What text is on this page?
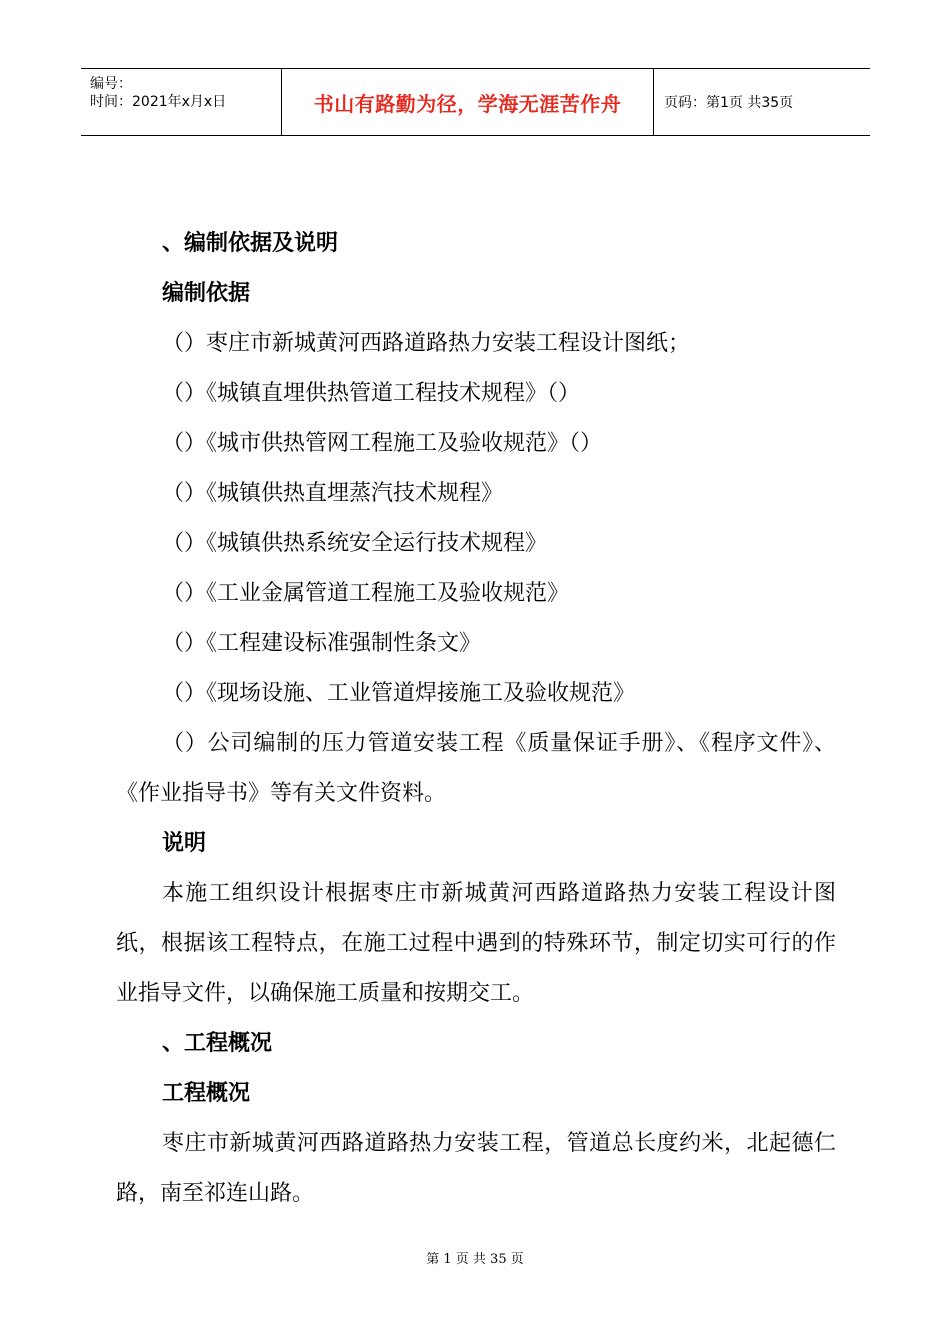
编号：
时间：2021年x月x日	书山有路勤为径，学海无涯苦作舟	页码：第1页 共35页
、编制依据及说明
编制依据
（）枣庄市新城黄河西路道路热力安装工程设计图纸；
（）《城镇直埋供热管道工程技术规程》（）
（）《城市供热管网工程施工及验收规范》（）
（）《城镇供热直埋蒸汽技术规程》
（）《城镇供热系统安全运行技术规程》
（）《工业金属管道工程施工及验收规范》
（）《工程建设标准强制性条文》
（）《现场设施、工业管道焊接施工及验收规范》
（）公司编制的压力管道安装工程《质量保证手册》、《程序文件》、《作业指导书》等有关文件资料。
说明
本施工组织设计根据枣庄市新城黄河西路道路热力安装工程设计图纸，根据该工程特点，在施工过程中遇到的特殊环节，制定切实可行的作业指导文件，以确保施工质量和按期交工。
、工程概况
工程概况
枣庄市新城黄河西路道路热力安装工程，管道总长度约米，北起德仁路，南至祁连山路。
第 1 页 共 35 页
